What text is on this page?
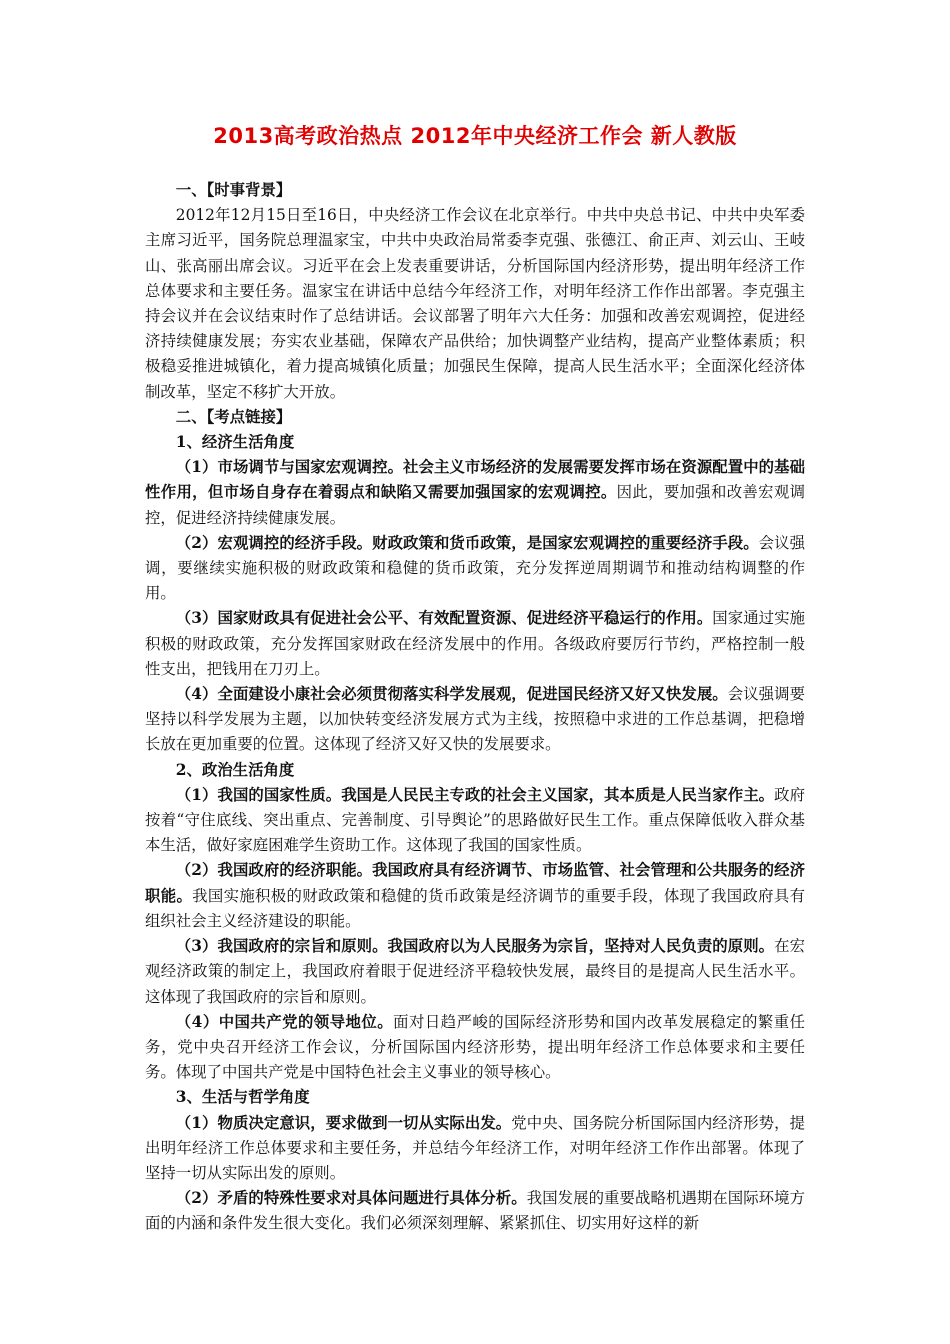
2013高考政治热点 2012年中央经济工作会 新人教版

一、【时事背景】

2012年12月15日至16日，中央经济工作会议在北京举行。中共中央总书记、中共中央军委主席习近平，国务院总理温家宝，中共中央政治局常委李克强、张德江、俞正声、刘云山、王岐山、张高丽出席会议。习近平在会上发表重要讲话，分析国际国内经济形势，提出明年经济工作总体要求和主要任务。温家宝在讲话中总结今年经济工作，对明年经济工作作出部署。李克强主持会议并在会议结束时作了总结讲话。会议部署了明年六大任务：加强和改善宏观调控，促进经济持续健康发展；夯实农业基础，保障农产品供给；加快调整产业结构，提高产业整体素质；积极稳妥推进城镇化，着力提高城镇化质量；加强民生保障，提高人民生活水平；全面深化经济体制改革，坚定不移扩大开放。

二、【考点链接】

1、经济生活角度

（1）市场调节与国家宏观调控。社会主义市场经济的发展需要发挥市场在资源配置中的基础性作用，但市场自身存在着弱点和缺陷又需要加强国家的宏观调控。因此，要加强和改善宏观调控，促进经济持续健康发展。

（2）宏观调控的经济手段。财政政策和货币政策，是国家宏观调控的重要经济手段。会议强调，要继续实施积极的财政政策和稳健的货币政策，充分发挥逆周期调节和推动结构调整的作用。

（3）国家财政具有促进社会公平、有效配置资源、促进经济平稳运行的作用。国家通过实施积极的财政政策，充分发挥国家财政在经济发展中的作用。各级政府要厉行节约，严格控制一般性支出，把钱用在刀刃上。

（4）全面建设小康社会必须贯彻落实科学发展观，促进国民经济又好又快发展。会议强调要坚持以科学发展为主题，以加快转变经济发展方式为主线，按照稳中求进的工作总基调，把稳增长放在更加重要的位置。这体现了经济又好又快的发展要求。

2、政治生活角度

（1）我国的国家性质。我国是人民民主专政的社会主义国家，其本质是人民当家作主。政府按着“守住底线、突出重点、完善制度、引导舆论”的思路做好民生工作。重点保障低收入群众基本生活，做好家庭困难学生资助工作。这体现了我国的国家性质。

（2）我国政府的经济职能。我国政府具有经济调节、市场监管、社会管理和公共服务的经济职能。我国实施积极的财政政策和稳健的货币政策是经济调节的重要手段，体现了我国政府具有组织社会主义经济建设的职能。

（3）我国政府的宗旨和原则。我国政府以为人民服务为宗旨，坚持对人民负责的原则。在宏观经济政策的制定上，我国政府着眼于促进经济平稳较快发展，最终目的是提高人民生活水平。这体现了我国政府的宗旨和原则。

（4）中国共产党的领导地位。面对日趋严峻的国际经济形势和国内改革发展稳定的繁重任务，党中央召开经济工作会议，分析国际国内经济形势，提出明年经济工作总体要求和主要任务。体现了中国共产党是中国特色社会主义事业的领导核心。

3、生活与哲学角度

（1）物质决定意识，要求做到一切从实际出发。党中央、国务院分析国际国内经济形势，提出明年经济工作总体要求和主要任务，并总结今年经济工作，对明年经济工作作出部署。体现了坚持一切从实际出发的原则。

（2）矛盾的特殊性要求对具体问题进行具体分析。我国发展的重要战略机遇期在国际环境方面的内涵和条件发生很大变化。我们必须深刻理解、紧紧抓住、切实用好这样的新
